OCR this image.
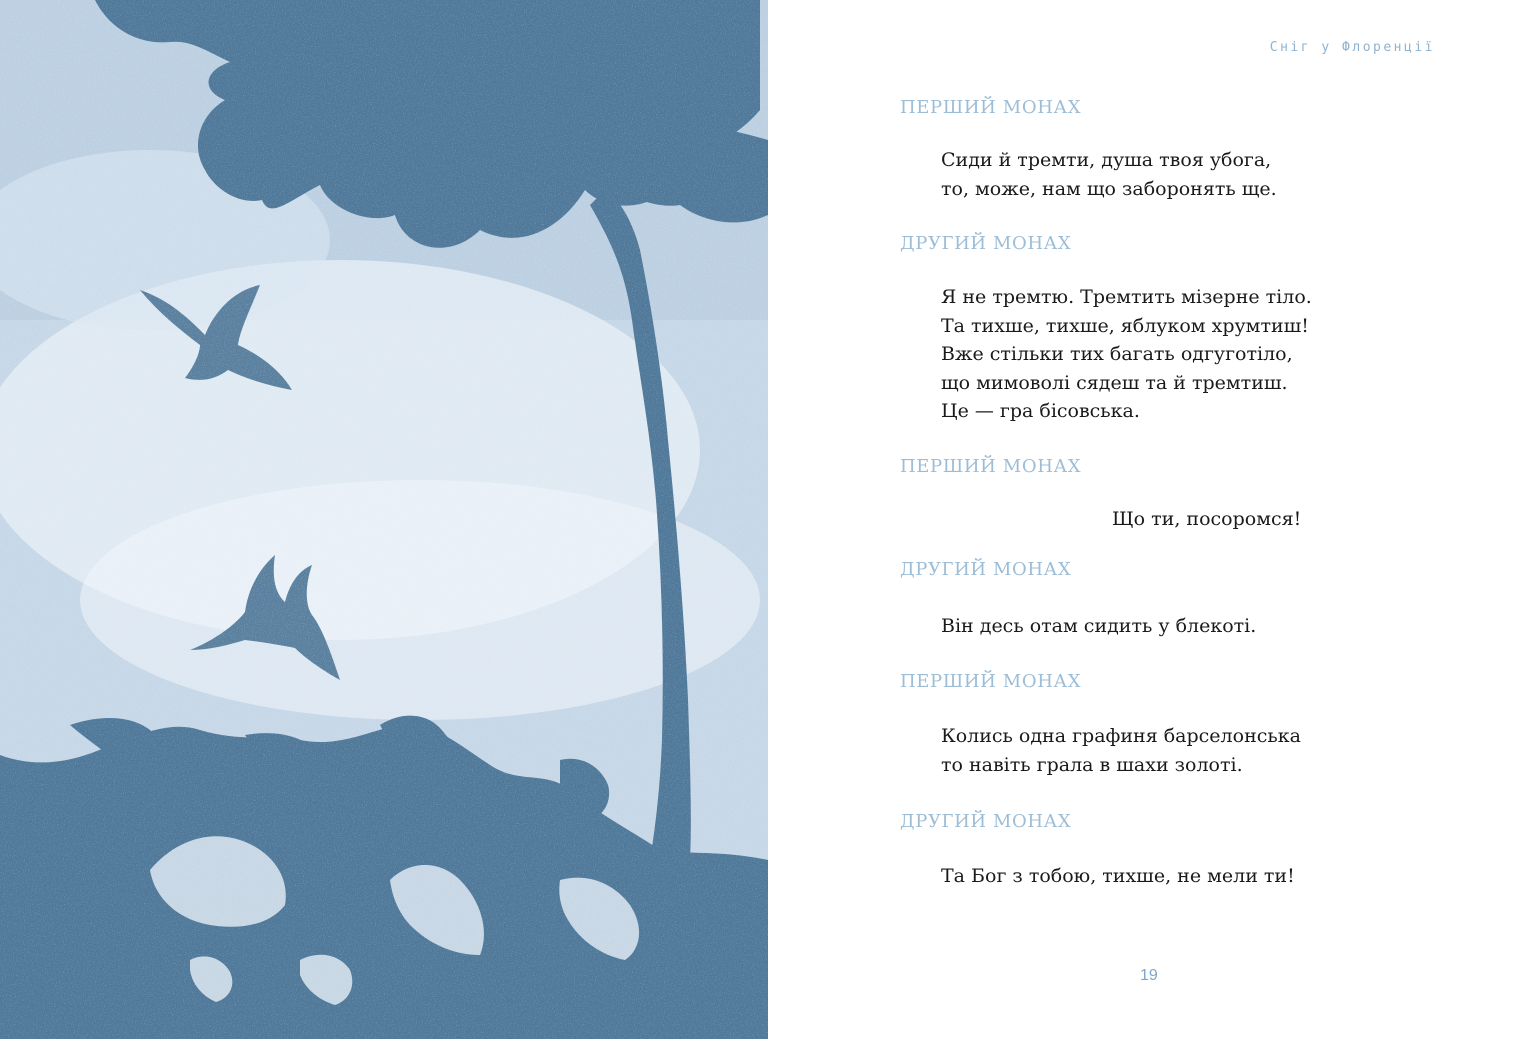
Сніг у Флоренції
ПЕРШИЙ МОНАХ
Сиди й тремти, душа твоя убога,
то, може, нам що заборонять ще.
ДРУГИЙ МОНАХ
Я не тремтю. Тремтить мізерне тіло.
Та тихше, тихше, яблуком хрумтиш!
Вже стільки тих багать одгуготіло,
що мимоволі сядеш та й тремтиш.
Це — гра бісовська.
ПЕРШИЙ МОНАХ
Що ти, посоромся!
ДРУГИЙ МОНАХ
Він десь отам сидить у блекоті.
ПЕРШИЙ МОНАХ
Колись одна графиня барселонська
то навіть грала в шахи золоті.
ДРУГИЙ МОНАХ
Та Бог з тобою, тихше, не мели ти!
19
